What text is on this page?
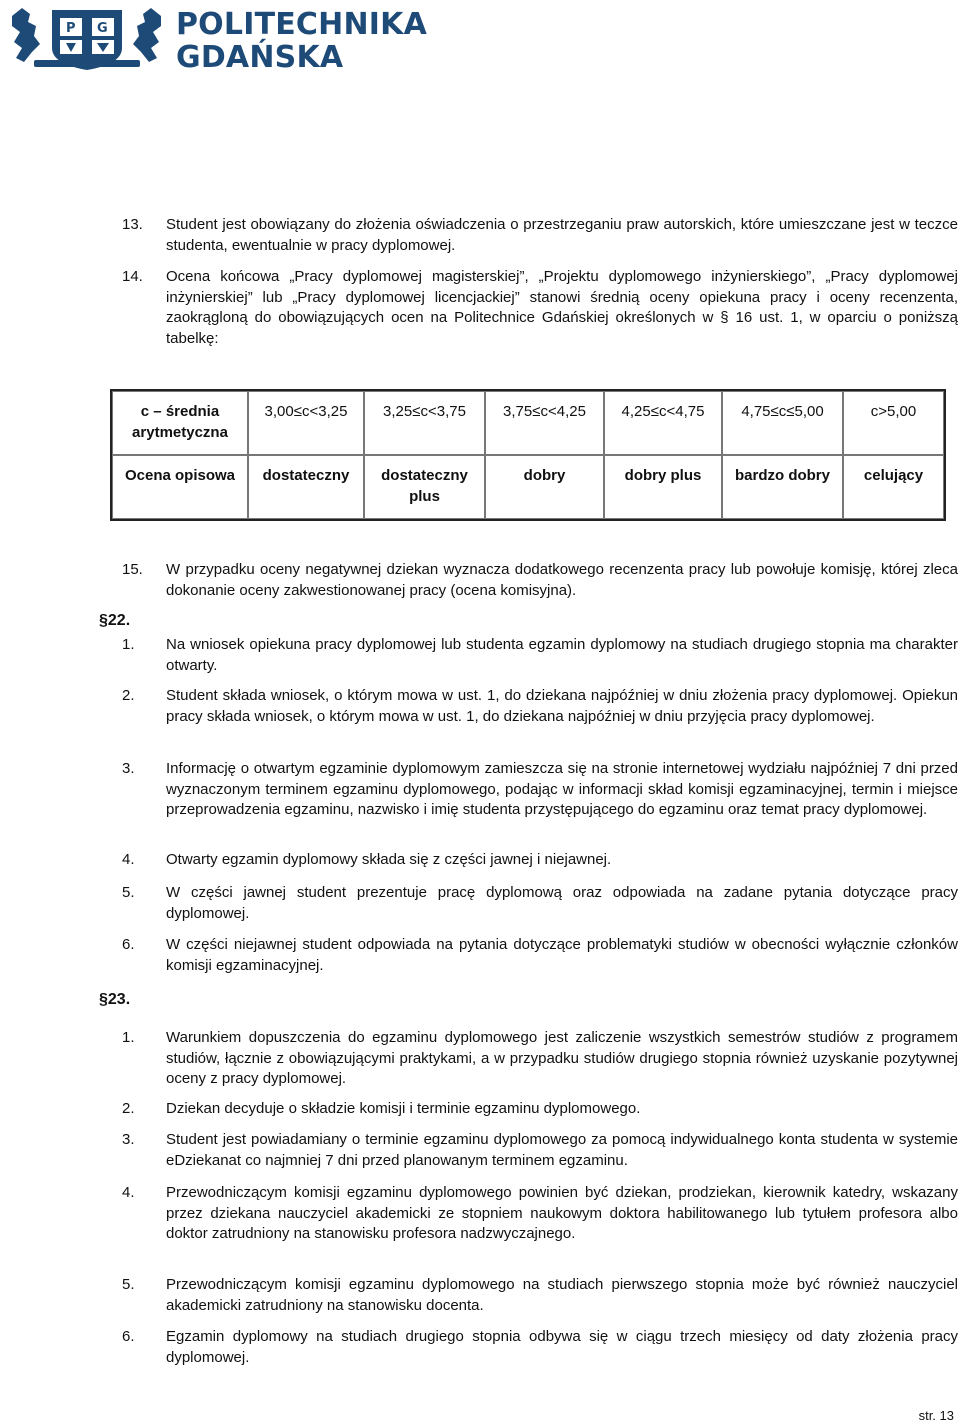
P G POLITECHNIKA
GDAŃSKA
13. Student jest obowiązany do złożenia oświadczenia o przestrzeganiu praw autorskich, które umieszczane jest w teczce studenta, ewentualnie w pracy dyplomowej.
14. Ocena końcowa „Pracy dyplomowej magisterskiej”, „Projektu dyplomowego inżynierskiego”, „Pracy dyplomowej inżynierskiej” lub „Pracy dyplomowej licencjackiej” stanowi średnią oceny opiekuna pracy i oceny recenzenta, zaokrągloną do obowiązujących ocen na Politechnice Gdańskiej określonych w § 16 ust. 1, w oparciu o poniższą tabelkę:
c – średnia arytmetyczna	3,00≤c<3,25	3,25≤c<3,75	3,75≤c<4,25	4,25≤c<4,75	4,75≤c≤5,00	c>5,00
Ocena opisowa	dostateczny	dostateczny plus	dobry	dobry plus	bardzo dobry	celujący
15. W przypadku oceny negatywnej dziekan wyznacza dodatkowego recenzenta pracy lub powołuje komisję, której zleca dokonanie oceny zakwestionowanej pracy (ocena komisyjna).
§22.
1. Na wniosek opiekuna pracy dyplomowej lub studenta egzamin dyplomowy na studiach drugiego stopnia ma charakter otwarty.
2. Student składa wniosek, o którym mowa w ust. 1, do dziekana najpóźniej w dniu złożenia pracy dyplomowej. Opiekun pracy składa wniosek, o którym mowa w ust. 1, do dziekana najpóźniej w dniu przyjęcia pracy dyplomowej.
3. Informację o otwartym egzaminie dyplomowym zamieszcza się na stronie internetowej wydziału najpóźniej 7 dni przed wyznaczonym terminem egzaminu dyplomowego, podając w informacji skład komisji egzaminacyjnej, termin i miejsce przeprowadzenia egzaminu, nazwisko i imię studenta przystępującego do egzaminu oraz temat pracy dyplomowej.
4. Otwarty egzamin dyplomowy składa się z części jawnej i niejawnej.
5. W części jawnej student prezentuje pracę dyplomową oraz odpowiada na zadane pytania dotyczące pracy dyplomowej.
6. W części niejawnej student odpowiada na pytania dotyczące problematyki studiów w obecności wyłącznie członków komisji egzaminacyjnej.
§23.
1. Warunkiem dopuszczenia do egzaminu dyplomowego jest zaliczenie wszystkich semestrów studiów z programem studiów, łącznie z obowiązującymi praktykami, a w przypadku studiów drugiego stopnia również uzyskanie pozytywnej oceny z pracy dyplomowej.
2. Dziekan decyduje o składzie komisji i terminie egzaminu dyplomowego.
3. Student jest powiadamiany o terminie egzaminu dyplomowego za pomocą indywidualnego konta studenta w systemie eDziekanat co najmniej 7 dni przed planowanym terminem egzaminu.
4. Przewodniczącym komisji egzaminu dyplomowego powinien być dziekan, prodziekan, kierownik katedry, wskazany przez dziekana nauczyciel akademicki ze stopniem naukowym doktora habilitowanego lub tytułem profesora albo doktor zatrudniony na stanowisku profesora nadzwyczajnego.
5. Przewodniczącym komisji egzaminu dyplomowego na studiach pierwszego stopnia może być również nauczyciel akademicki zatrudniony na stanowisku docenta.
6. Egzamin dyplomowy na studiach drugiego stopnia odbywa się w ciągu trzech miesięcy od daty złożenia pracy dyplomowej.
str. 13
